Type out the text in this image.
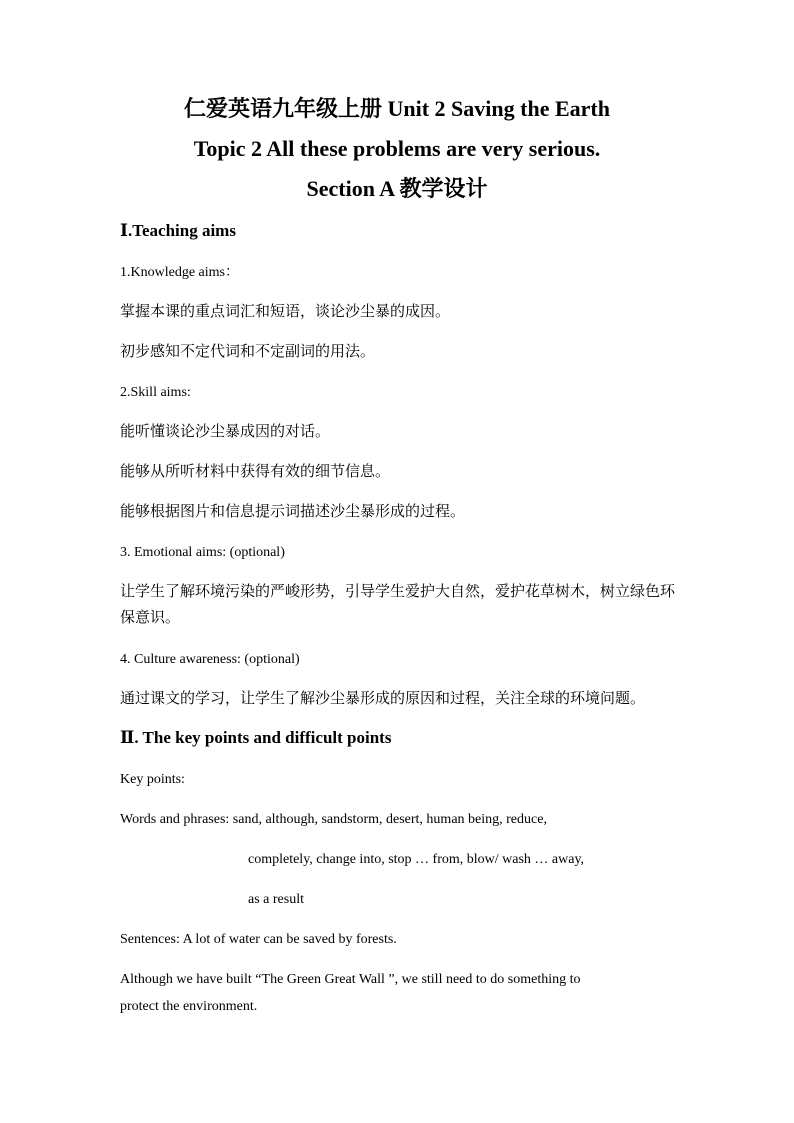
仁爱英语九年级上册 Unit 2 Saving the Earth
Topic 2 All these problems are very serious.
Section A 教学设计
Ⅰ.Teaching aims
1.Knowledge aims：
掌握本课的重点词汇和短语，谈论沙尘暴的成因。
初步感知不定代词和不定副词的用法。
2.Skill aims:
能听懂谈论沙尘暴成因的对话。
能够从所听材料中获得有效的细节信息。
能够根据图片和信息提示词描述沙尘暴形成的过程。
3. Emotional aims: (optional)
让学生了解环境污染的严峻形势，引导学生爱护大自然，爱护花草树木，树立绿色环保意识。
4. Culture awareness: (optional)
通过课文的学习，让学生了解沙尘暴形成的原因和过程，关注全球的环境问题。
Ⅱ. The key points and difficult points
Key points:
Words and phrases: sand, although, sandstorm, desert, human being, reduce,
completely, change into, stop … from, blow/ wash … away,
as a result
Sentences: A lot of water can be saved by forests.
Although we have built “The Green Great Wall ”, we still need to do something to
protect the environment.
